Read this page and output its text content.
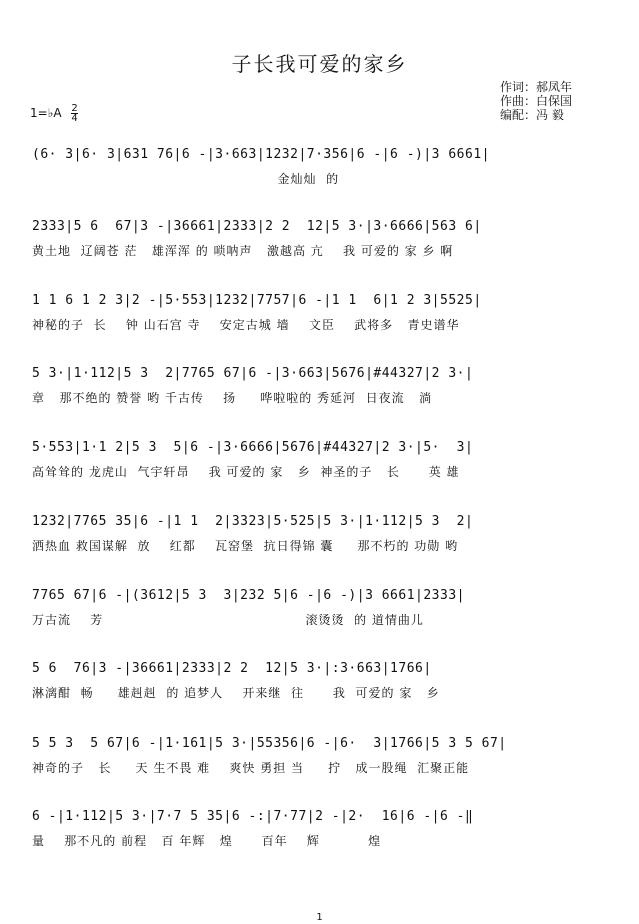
子长我可爱的家乡
作词：郝凤年
作曲：白保国
编配：冯 毅
1=♭A $\frac{2}{4}$
(6· 3|6· 3|631 76|6 -|3·663|1232|7·356|6 -|6 -)|3 6661|
金灿灿  的
2333|5 6  67|3 -|36661|2333|2 2  12|5 3·|3·6666|563 6|
黄土地  辽阔苍 茫   雄浑浑 的 唢呐声   激越高 亢    我 可爱的 家 乡 啊
1 1 6 1 2 3|2 -|5·553|1232|7757|6 -|1 1  6|1 2 3|5525|
神秘的子  长    钟 山石宫 寺    安定古城 墙    文臣    武将多   青史谱华
5 3·|1·112|5 3  2|7765 67|6 -|3·663|5676|#44327|2 3·|
章   那不绝的 赞誉 哟 千古传    扬     哗啦啦的 秀延河  日夜流   淌
5·553|1·1 2|5 3  5|6 -|3·6666|5676|#44327|2 3·|5·  3|
高耸耸的 龙虎山  气宇轩昂    我 可爱的 家   乡  神圣的子   长      英 雄
1232|7765 35|6 -|1 1  2|3323|5·525|5 3·|1·112|5 3  2|
洒热血 救国谋解  放    红都    瓦窑堡  抗日得锦 囊     那不朽的 功勋 哟
7765 67|6 -|(3612|5 3  3|232 5|6 -|6 -)|3 6661|2333|
万古流    芳                                          滚烫烫  的 道情曲儿
5 6  76|3 -|36661|2333|2 2  12|5 3·|:3·663|1766|
淋漓酣  畅     雄赳赳  的 追梦人    开来继  往      我  可爱的 家   乡
5 5 3  5 67|6 -|1·161|5 3·|55356|6 -|6·  3|1766|5 3 5 67|
神奇的子   长     天 生不畏 难    爽快 勇担 当     拧   成一股绳  汇聚正能
6 -|1·112|5 3·|7·7 5 35|6 -:|7·77|2 -|2·  16|6 -|6 -‖
量    那不凡的 前程   百 年辉   煌      百年    辉          煌
1
